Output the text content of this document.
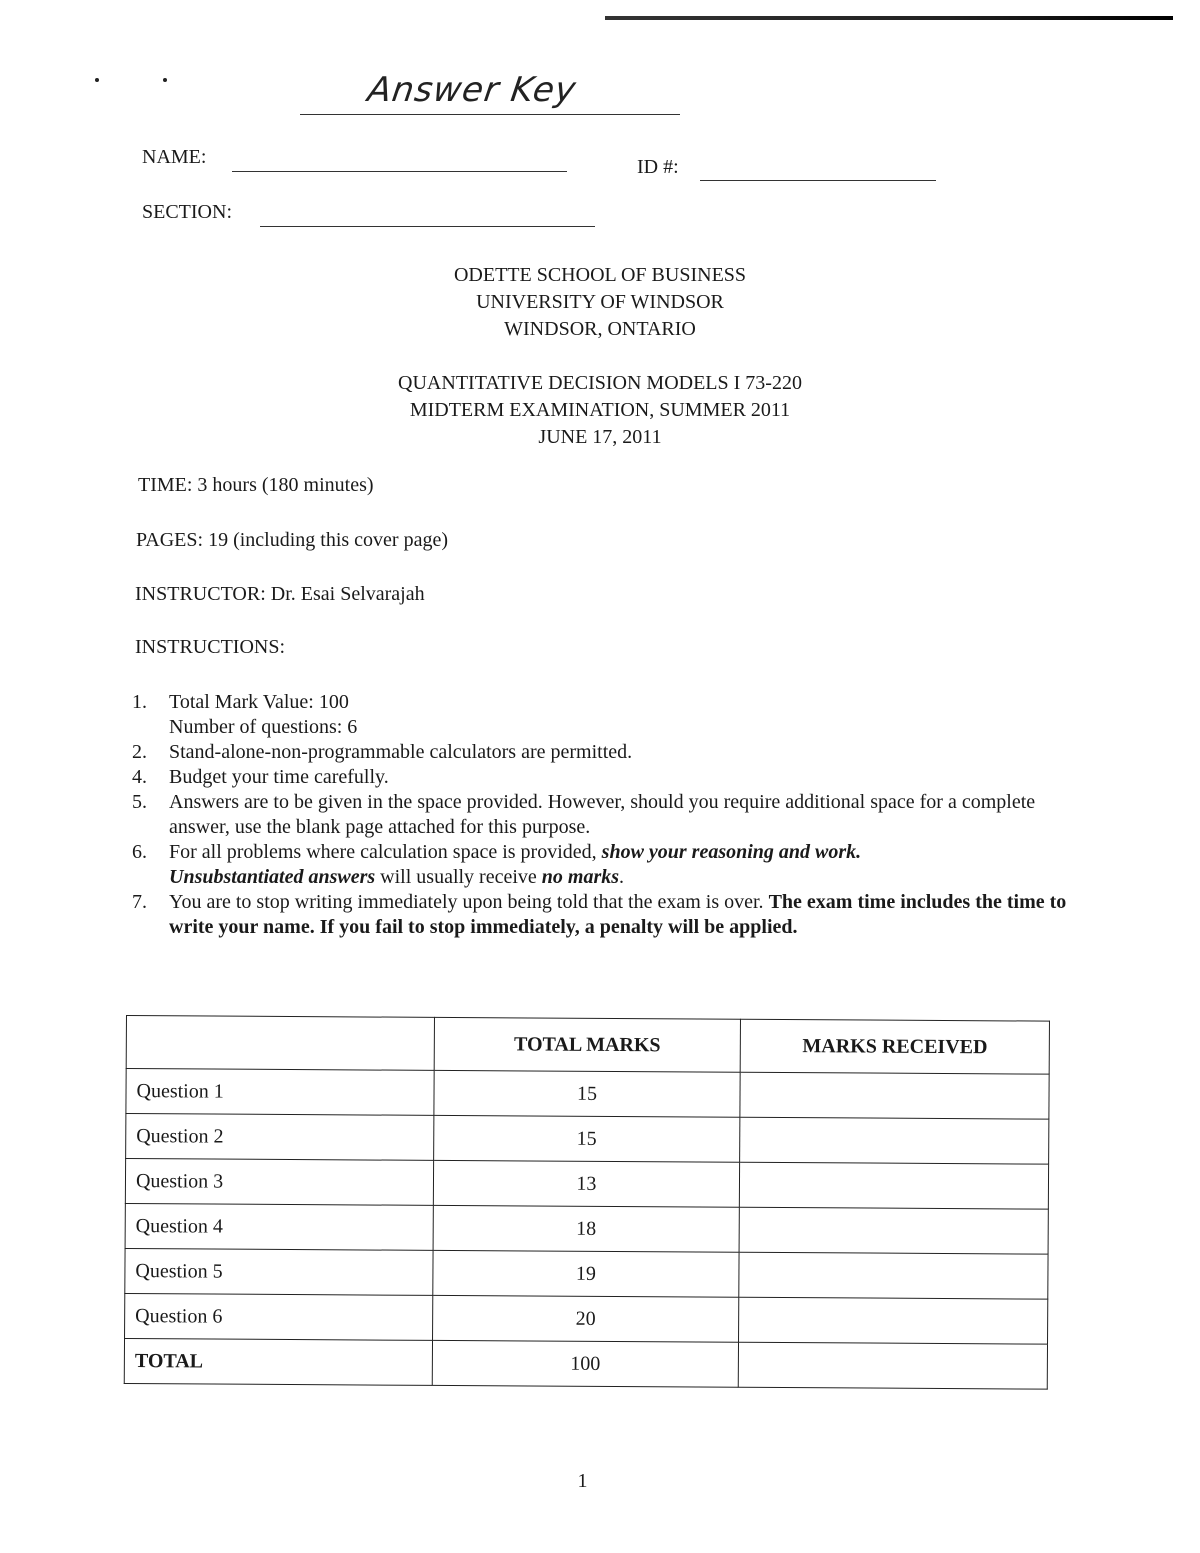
Answer Key
NAME:	ID #:
SECTION:
ODETTE SCHOOL OF BUSINESS
UNIVERSITY OF WINDSOR
WINDSOR, ONTARIO
QUANTITATIVE DECISION MODELS I 73-220
MIDTERM EXAMINATION, SUMMER 2011
JUNE 17, 2011
TIME: 3 hours (180 minutes)
PAGES: 19 (including this cover page)
INSTRUCTOR: Dr. Esai Selvarajah
INSTRUCTIONS:
1.	Total Mark Value: 100
Number of questions: 6
2.	Stand-alone-non-programmable calculators are permitted.
4.	Budget your time carefully.
5.	Answers are to be given in the space provided. However, should you require additional space for a complete answer, use the blank page attached for this purpose.
6.	For all problems where calculation space is provided, show your reasoning and work.
Unsubstantiated answers will usually receive no marks.
7.	You are to stop writing immediately upon being told that the exam is over. The exam time includes the time to write your name. If you fail to stop immediately, a penalty will be applied.
	TOTAL MARKS	MARKS RECEIVED
Question 1	15	
Question 2	15	
Question 3	13	
Question 4	18	
Question 5	19	
Question 6	20	
TOTAL	100	
1
